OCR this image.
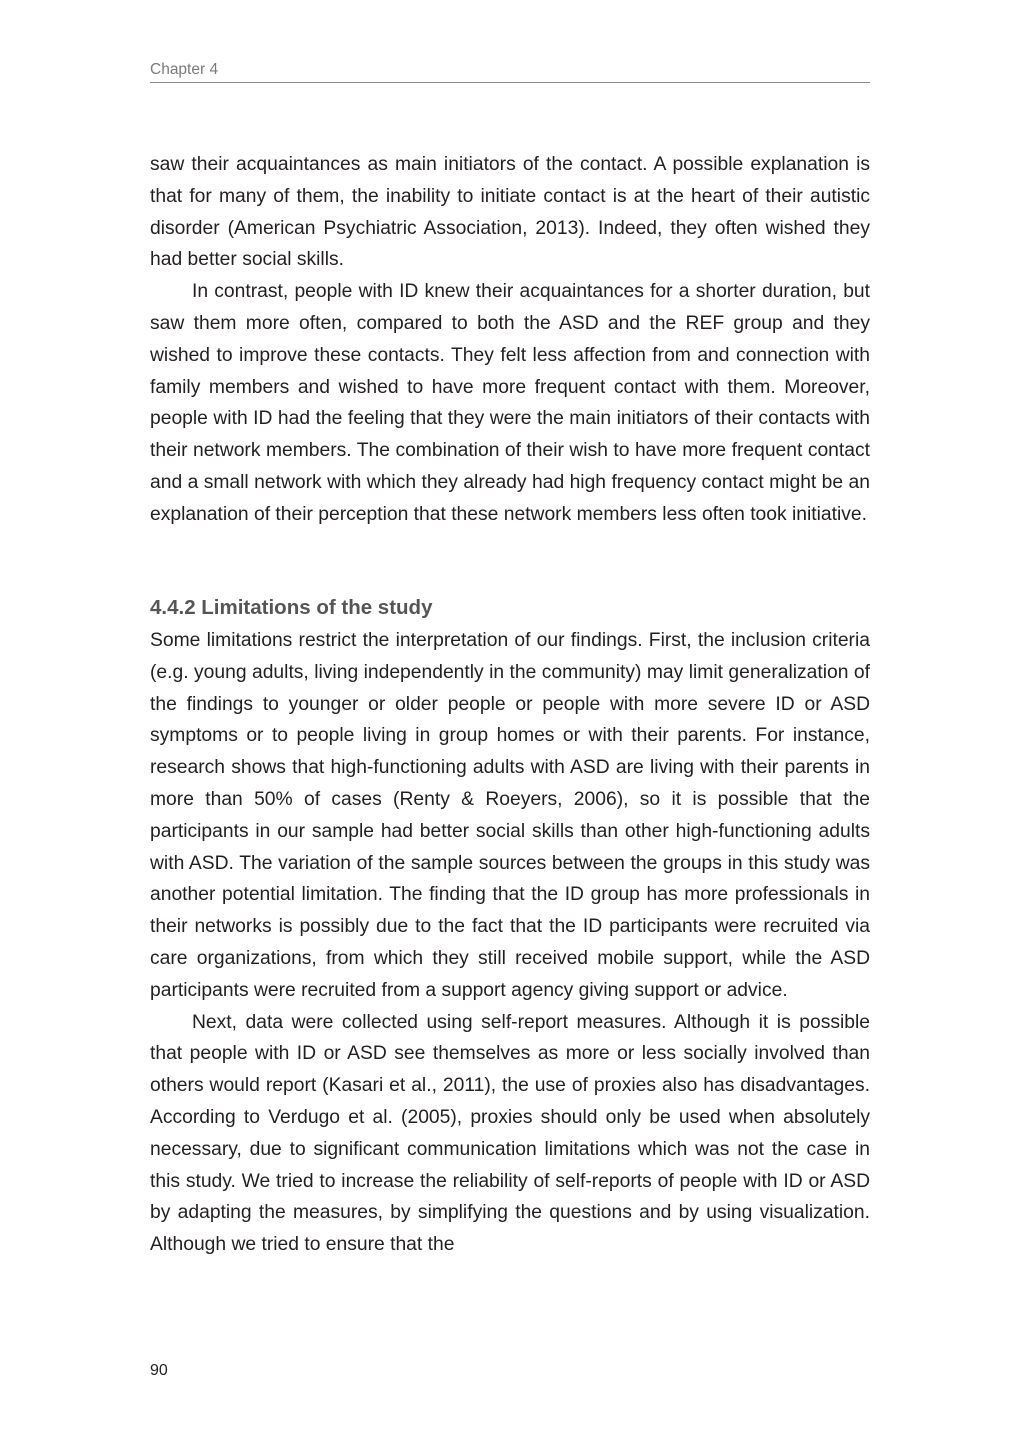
Chapter 4

saw their acquaintances as main initiators of the contact. A possible explanation is that for many of them, the inability to initiate contact is at the heart of their autistic disorder (American Psychiatric Association, 2013). Indeed, they often wished they had better social skills.

In contrast, people with ID knew their acquaintances for a shorter duration, but saw them more often, compared to both the ASD and the REF group and they wished to improve these contacts. They felt less affection from and connection with family members and wished to have more frequent contact with them. Moreover, people with ID had the feeling that they were the main initiators of their contacts with their network members. The combination of their wish to have more frequent contact and a small network with which they already had high frequency contact might be an explanation of their perception that these network members less often took initiative.

4.4.2 Limitations of the study

Some limitations restrict the interpretation of our findings. First, the inclusion criteria (e.g. young adults, living independently in the community) may limit generalization of the findings to younger or older people or people with more severe ID or ASD symptoms or to people living in group homes or with their parents. For instance, research shows that high-functioning adults with ASD are living with their parents in more than 50% of cases (Renty & Roeyers, 2006), so it is possible that the participants in our sample had better social skills than other high-functioning adults with ASD. The variation of the sample sources between the groups in this study was another potential limitation. The finding that the ID group has more professionals in their networks is possibly due to the fact that the ID participants were recruited via care organizations, from which they still received mobile support, while the ASD participants were recruited from a support agency giving support or advice.

Next, data were collected using self-report measures. Although it is possible that people with ID or ASD see themselves as more or less socially involved than others would report (Kasari et al., 2011), the use of proxies also has disadvantages. According to Verdugo et al. (2005), proxies should only be used when absolutely necessary, due to significant communication limitations which was not the case in this study. We tried to increase the reliability of self-reports of people with ID or ASD by adapting the measures, by simplifying the questions and by using visualization. Although we tried to ensure that the

90
